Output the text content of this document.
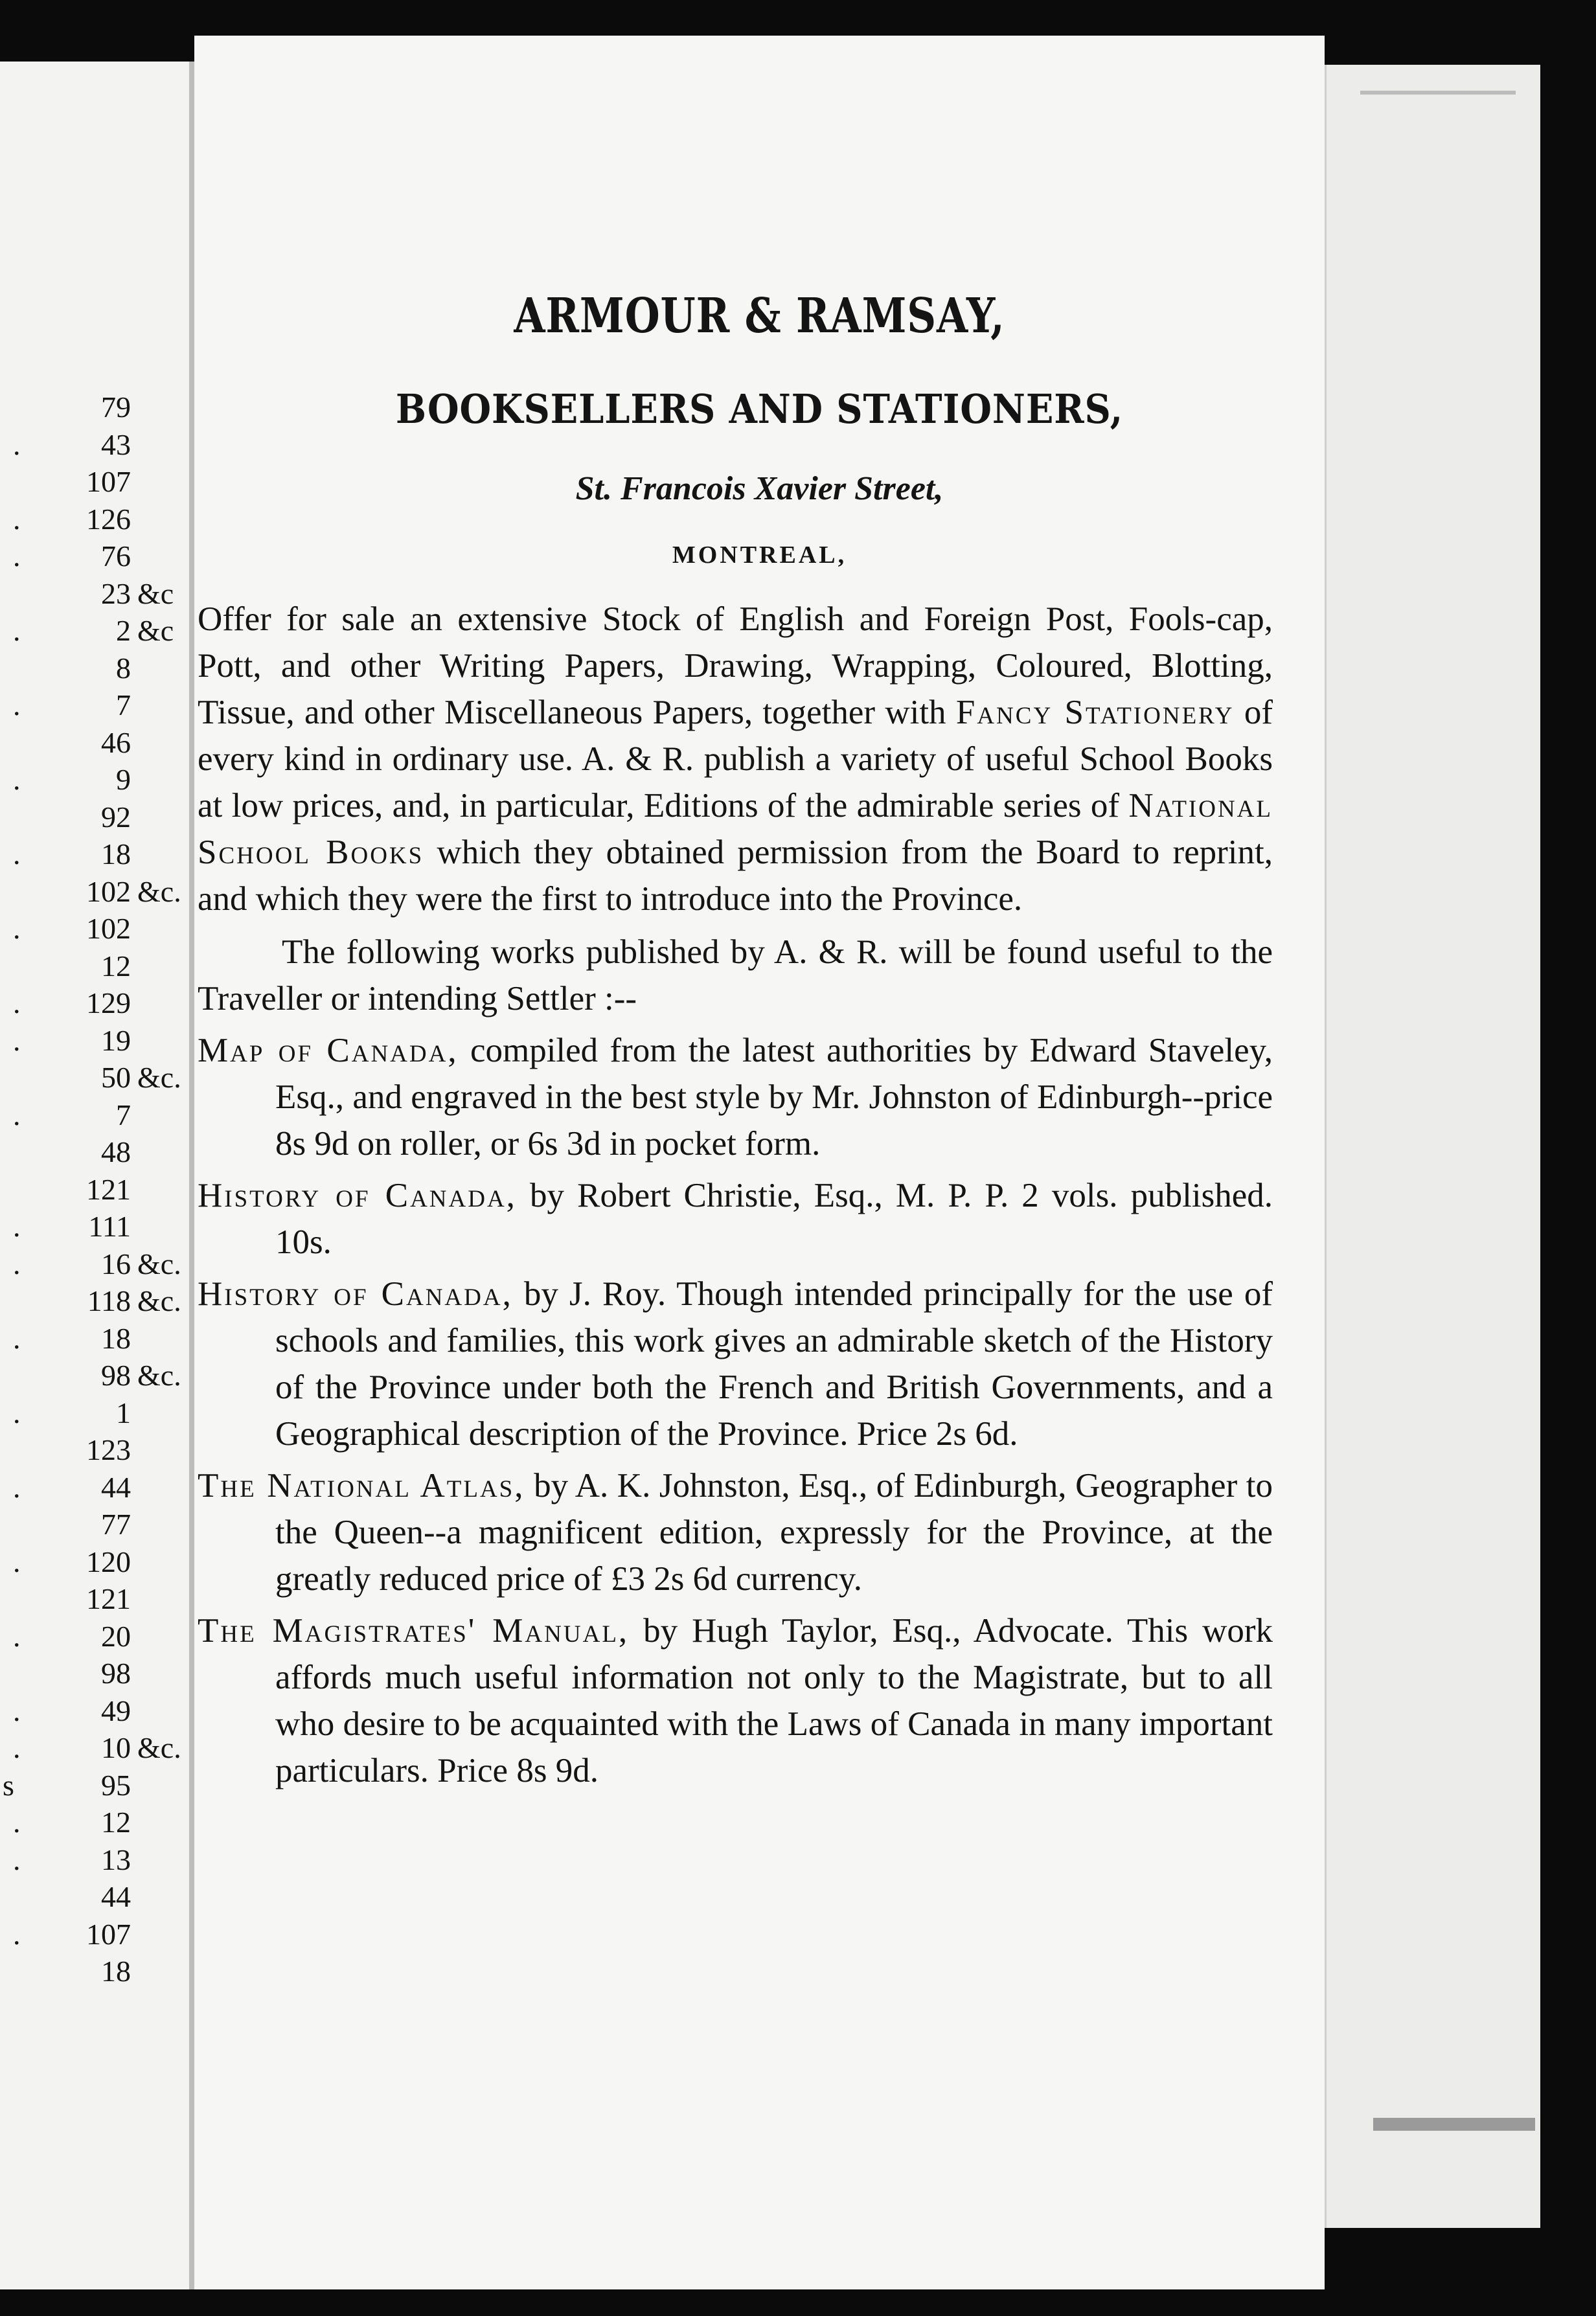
79
.	43
107
. 126
.	76
23 &c
.	2 &c
8
.	7
46
.	9
92
.	18
102 &c.
. 102
12
. 129
.	19
50 &c.
.	7
48
121
. 111
.	16 &c.
118 &c.
.	18
98 &c.
.	1
123
.	44
77
. 120
121
.	20
98
.	49
.	10 &c.
s	95
.	12
.	13
44
. 107
18
ARMOUR & RAMSAY,
BOOKSELLERS AND STATIONERS,
St. Francois Xavier Street,
MONTREAL,

Offer for sale an extensive Stock of English and Foreign Post, Fools-cap, Pott, and other Writing Papers, Drawing, Wrapping, Coloured, Blotting, Tissue, and other Miscellaneous Papers, together with Fancy Stationery of every kind in ordinary use. A. & R. publish a variety of useful School Books at low prices, and, in particular, Editions of the admirable series of National School Books which they obtained permission from the Board to reprint, and which they were the first to introduce into the Province.

The following works published by A. & R. will be found useful to the Traveller or intending Settler :--

Map of Canada, compiled from the latest authorities by Edward Staveley, Esq., and engraved in the best style by Mr. Johnston of Edinburgh--price 8s 9d on roller, or 6s 3d in pocket form.

History of Canada, by Robert Christie, Esq., M. P. P. 2 vols. published. 10s.

History of Canada, by J. Roy. Though intended principally for the use of schools and families, this work gives an admirable sketch of the History of the Province under both the French and British Governments, and a Geographical description of the Province. Price 2s 6d.

The National Atlas, by A. K. Johnston, Esq., of Edinburgh, Geographer to the Queen--a magnificent edition, expressly for the Province, at the greatly reduced price of £3 2s 6d currency.

The Magistrates' Manual, by Hugh Taylor, Esq., Advocate. This work affords much useful information not only to the Magistrate, but to all who desire to be acquainted with the Laws of Canada in many important particulars. Price 8s 9d.
